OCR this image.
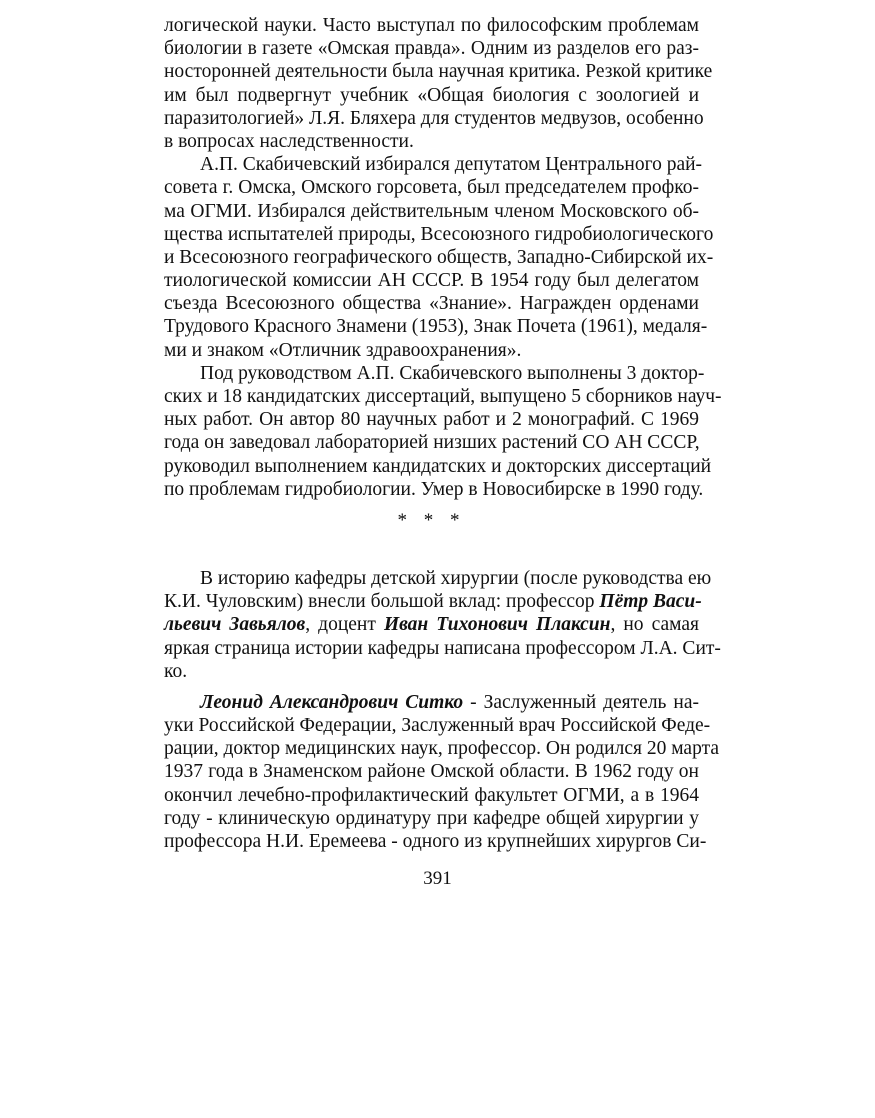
логической науки. Часто выступал по философским проблемам
биологии в газете «Омская правда». Одним из разделов его раз-
носторонней деятельности была научная критика. Резкой критике
им был подвергнут учебник «Общая биология с зоологией и
паразитологией» Л.Я. Бляхера для студентов медвузов, особенно
в вопросах наследственности.
А.П. Скабичевский избирался депутатом Центрального рай-
совета г. Омска, Омского горсовета, был председателем профко-
ма ОГМИ. Избирался действительным членом Московского об-
щества испытателей природы, Всесоюзного гидробиологического
и Всесоюзного географического обществ, Западно-Сибирской их-
тиологической комиссии АН СССР. В 1954 году был делегатом
съезда Всесоюзного общества «Знание». Награжден орденами
Трудового Красного Знамени (1953), Знак Почета (1961), медаля-
ми и знаком «Отличник здравоохранения».
Под руководством А.П. Скабичевского выполнены 3 доктор-
ских и 18 кандидатских диссертаций, выпущено 5 сборников науч-
ных работ. Он автор 80 научных работ и 2 монографий. С 1969
года он заведовал лабораторией низших растений СО АН СССР,
руководил выполнением кандидатских и докторских диссертаций
по проблемам гидробиологии. Умер в Новосибирске в 1990 году.
* * *
В историю кафедры детской хирургии (после руководства ею
К.И. Чуловским) внесли большой вклад: профессор Пётр Васи-
льевич Завьялов, доцент Иван Тихонович Плаксин, но самая
яркая страница истории кафедры написана профессором Л.А. Сит-
ко.
Леонид Александрович Ситко - Заслуженный деятель на-
уки Российской Федерации, Заслуженный врач Российской Феде-
рации, доктор медицинских наук, профессор. Он родился 20 марта
1937 года в Знаменском районе Омской области. В 1962 году он
окончил лечебно-профилактический факультет ОГМИ, а в 1964
году - клиническую ординатуру при кафедре общей хирургии у
профессора Н.И. Еремеева - одного из крупнейших хирургов Си-
391
